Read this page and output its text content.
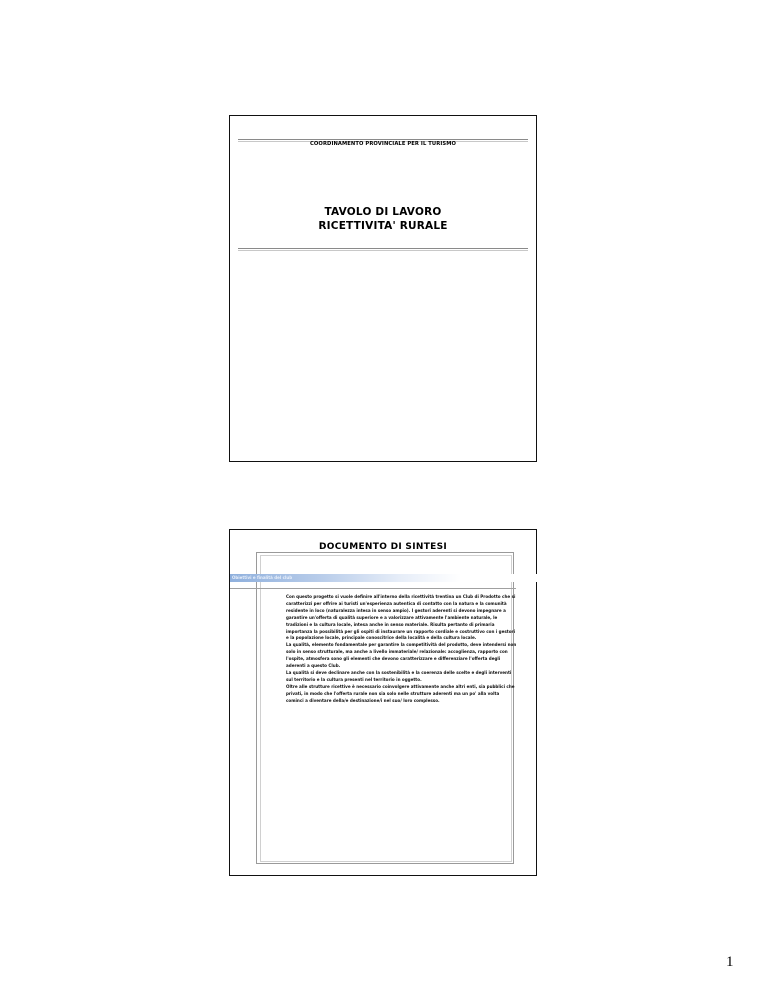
COORDINAMENTO PROVINCIALE PER IL TURISMO
TAVOLO DI LAVORO
RICETTIVITA' RURALE
DOCUMENTO DI SINTESI
Obiettivi e finalità del club

Con questo progetto si vuole definire all'interno della ricettività trentina un Club di Prodotto che si caratterizzi per offrire ai turisti un'esperienza autentica di contatto con la natura e la comunità residente in loco (naturalezza intesa in senso ampio). I gestori aderenti si devono impegnare a garantire un'offerta di qualità superiore e a valorizzare attivamente l'ambiente naturale, le tradizioni e la cultura locale, intesa anche in senso materiale. Risulta pertanto di primaria importanza la possibilità per gli ospiti di instaurare un rapporto cordiale e costruttivo con i gestori e la popolazione locale, principale conoscitrice della località e della cultura locale.

La qualità, elemento fondamentale per garantire la competitività del prodotto, deve intendersi non solo in senso strutturale, ma anche a livello immateriale/ relazionale: accoglienza, rapporto con l'ospite, atmosfera sono gli elementi che devono caratterizzare e differenziare l'offerta degli aderenti a questo Club.

La qualità si deve declinare anche con la sostenibilità e la coerenza delle scelte e degli interventi sul territorio e la cultura presenti nel territorio in oggetto.

Oltre alle strutture ricettive è necessario coinvolgere attivamente anche altri enti, sia pubblici che privati, in modo che l'offerta rurale non sia solo nelle strutture aderenti ma un po' alla volta cominci a diventare della/e destinazione/i nel suo/ loro complesso.

1
